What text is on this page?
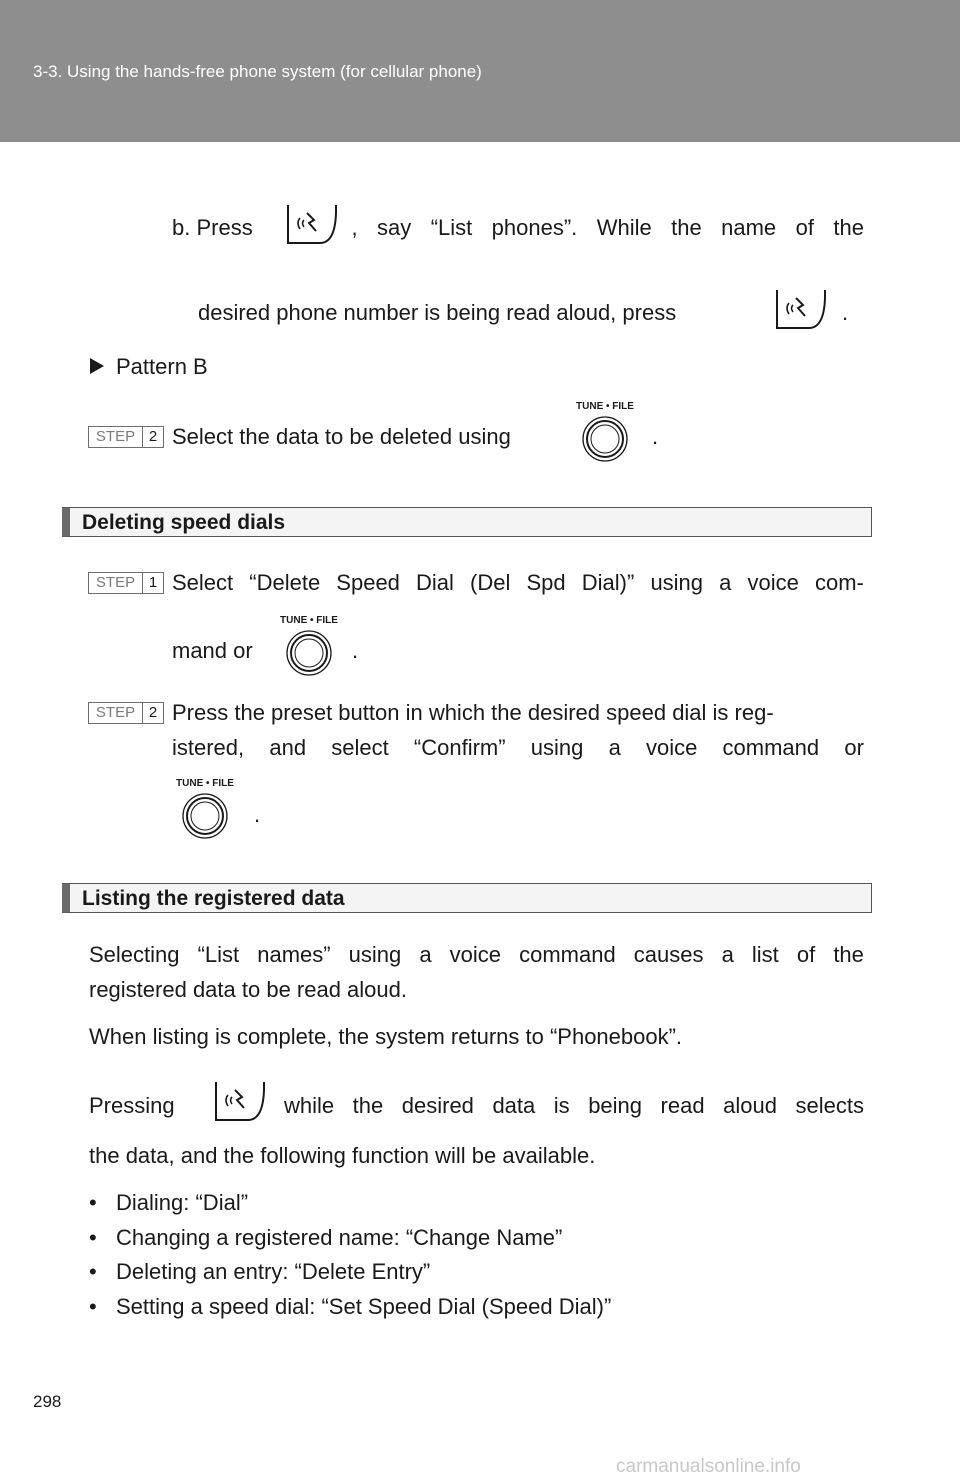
3-3. Using the hands-free phone system (for cellular phone)
b. Press	, say “List phones”. While the name of the
desired phone number is being read aloud, press	.
Pattern B
STEP 2 Select the data to be deleted using
TUNE • FILE
.
Deleting speed dials
STEP 1 Select “Delete Speed Dial (Del Spd Dial)” using a voice com-
mand or
TUNE • FILE
.
STEP 2 Press the preset button in which the desired speed dial is reg-
istered, and select “Confirm” using a voice command or
TUNE • FILE
.
Listing the registered data
Selecting “List names” using a voice command causes a list of the
registered data to be read aloud.
When listing is complete, the system returns to “Phonebook”.
Pressing	while the desired data is being read aloud selects
the data, and the following function will be available.
• Dialing: “Dial”
• Changing a registered name: “Change Name”
• Deleting an entry: “Delete Entry”
• Setting a speed dial: “Set Speed Dial (Speed Dial)”
298
carmanualsonline.info
